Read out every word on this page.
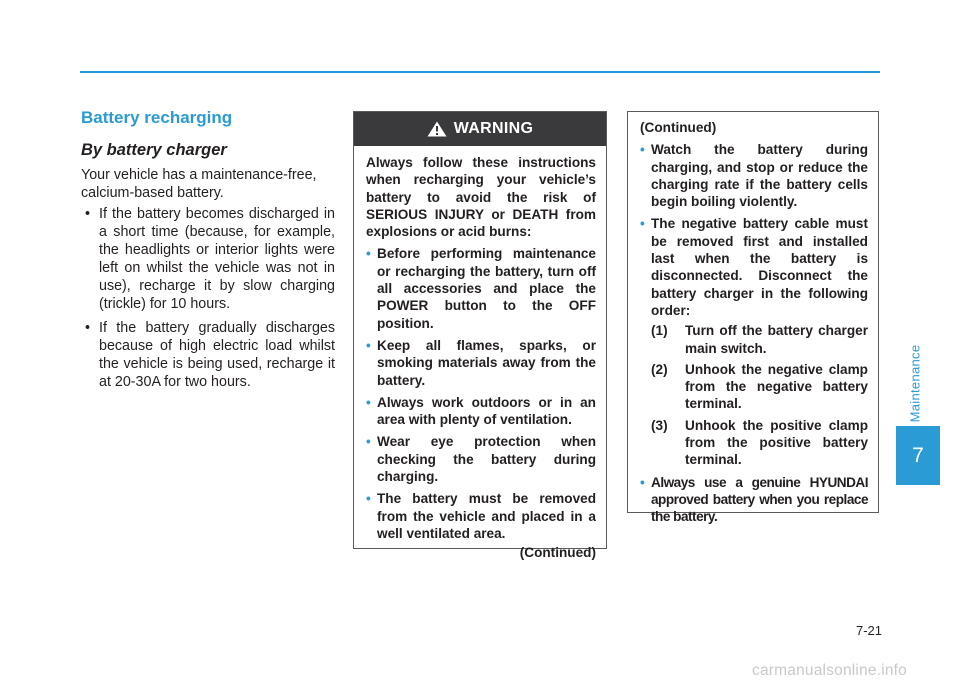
Battery recharging
By battery charger

Your vehicle has a maintenance-free, calcium-based battery.

• If the battery becomes discharged in a short time (because, for example, the headlights or interior lights were left on whilst the vehicle was not in use), recharge it by slow charging (trickle) for 10 hours.
• If the battery gradually discharges because of high electric load whilst the vehicle is being used, recharge it at 20-30A for two hours.
WARNING

Always follow these instructions when recharging your vehicle’s battery to avoid the risk of SERIOUS INJURY or DEATH from explosions or acid burns:

• Before performing maintenance or recharging the battery, turn off all accessories and place the POWER button to the OFF position.
• Keep all flames, sparks, or smoking materials away from the battery.
• Always work outdoors or in an area with plenty of ventilation.
• Wear eye protection when checking the battery during charging.
• The battery must be removed from the vehicle and placed in a well ventilated area.

(Continued)

(Continued)

• Watch the battery during charging, and stop or reduce the charging rate if the battery cells begin boiling violently.
• The negative battery cable must be removed first and installed last when the battery is disconnected. Disconnect the battery charger in the following order:
(1) Turn off the battery charger main switch.
(2) Unhook the negative clamp from the negative battery terminal.
(3) Unhook the positive clamp from the positive battery terminal.
• Always use a genuine HYUNDAI approved battery when you replace the battery.
Maintenance
7
7-21
carmanualsonline.info
